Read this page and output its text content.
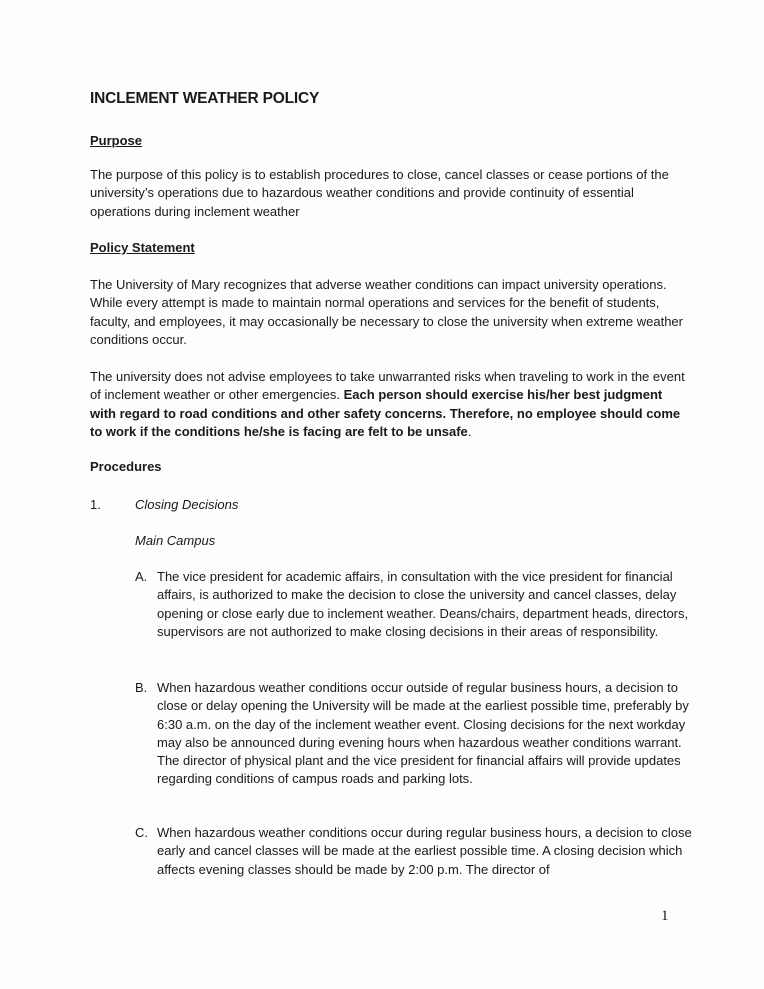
INCLEMENT WEATHER POLICY
Purpose
The purpose of this policy is to establish procedures to close, cancel classes or cease portions of the university’s operations due to hazardous weather conditions and provide continuity of essential operations during inclement weather
Policy Statement
The University of Mary recognizes that adverse weather conditions can impact university operations. While every attempt is made to maintain normal operations and services for the benefit of students, faculty, and employees, it may occasionally be necessary to close the university when extreme weather conditions occur.
The university does not advise employees to take unwarranted risks when traveling to work in the event of inclement weather or other emergencies. Each person should exercise his/her best judgment with regard to road conditions and other safety concerns. Therefore, no employee should come to work if the conditions he/she is facing are felt to be unsafe.
Procedures
1.	Closing Decisions
Main Campus
A. The vice president for academic affairs, in consultation with the vice president for financial affairs, is authorized to make the decision to close the university and cancel classes, delay opening or close early due to inclement weather. Deans/chairs, department heads, directors, supervisors are not authorized to make closing decisions in their areas of responsibility.
B. When hazardous weather conditions occur outside of regular business hours, a decision to close or delay opening the University will be made at the earliest possible time, preferably by 6:30 a.m. on the day of the inclement weather event. Closing decisions for the next workday may also be announced during evening hours when hazardous weather conditions warrant. The director of physical plant and the vice president for financial affairs will provide updates regarding conditions of campus roads and parking lots.
C. When hazardous weather conditions occur during regular business hours, a decision to close early and cancel classes will be made at the earliest possible time. A closing decision which affects evening classes should be made by 2:00 p.m. The director of
1
